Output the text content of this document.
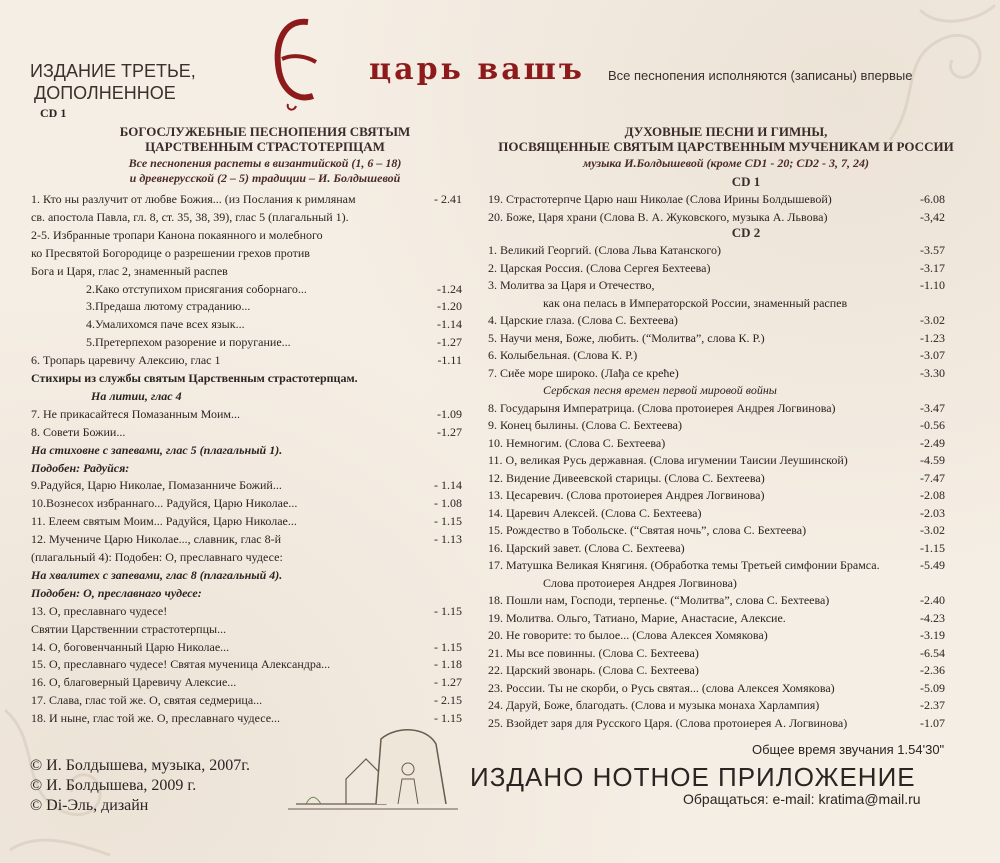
ИЗДАНИЕ ТРЕТЬЕ,
ДОПОЛНЕННОЕ
CD 1
царь вашъ Все песнопения исполняются (записаны) впервые
БОГОСЛУЖЕБНЫЕ ПЕСНОПЕНИЯ СВЯТЫМ
ЦАРСТВЕННЫМ СТРАСТОТЕРПЦАМ
Все песнопения распеты в византийской (1, 6 – 18)
и древнерусской (2 – 5) традиции – И. Болдышевой
1. Кто ны разлучит от любве Божия... (из Послания к римлянам	- 2.41
св. апостола Павла, гл. 8, ст. 35, 38, 39), глас 5 (плагальный 1).
2-5. Избранные тропари Канона покаянного и молебного
ко Пресвятой Богородице о разрешении грехов против
Бога и Царя, глас 2, знаменный распев
2.Како отступихом присягания соборнаго...	-1.24
3.Предаша лютому страданию...	-1.20
4.Умалихомся паче всех язык...	-1.14
5.Претерпехом разорение и поругание...	-1.27
6. Тропарь царевичу Алексию, глас 1	-1.11
Стихиры из службы святым Царственным страстотерпцам.
На литии, глас 4
7. Не прикасайтеся Помазанным Моим...	-1.09
8. Совети Божии...	-1.27
На стиховне с запевами, глас 5 (плагальный 1).
Подобен: Радуйся:
9.Радуйся, Царю Николае, Помазанниче Божий...	- 1.14
10.Вознесох избраннаго... Радуйся, Царю Николае...	- 1.08
11. Елеем святым Моим... Радуйся, Царю Николае...	- 1.15
12. Мучениче Царю Николае..., славник, глас 8-й	- 1.13
(плагальный 4): Подобен: О, преславнаго чудесе:
На хвалитех с запевами, глас 8 (плагальный 4).
Подобен: О, преславнаго чудесе:
13. О, преславнаго чудесе!	- 1.15
Святии Царственнии страстотерпцы...
14. О, боговенчанный Царю Николае...	- 1.15
15. О, преславнаго чудесе! Святая мученица Александра...	- 1.18
16. О, благоверный Царевичу Алексие...	- 1.27
17. Слава, глас той же. О, святая седмерица...	- 2.15
18. И ныне, глас той же. О, преславнаго чудесе...	- 1.15
ДУХОВНЫЕ ПЕСНИ И ГИМНЫ,
ПОСВЯЩЕННЫЕ СВЯТЫМ ЦАРСТВЕННЫМ МУЧЕНИКАМ И РОССИИ
музыка И.Болдышевой (кроме CD1 - 20; CD2 - 3, 7, 24)
CD 1
CD 2
19. Страстотерпче Царю наш Николае (Слова Ирины Болдышевой)	-6.08
20. Боже, Царя храни (Слова В. А. Жуковского, музыка А. Львова)	-3,42
1. Великий Георгий. (Слова Льва Катанского)	-3.57
2. Царская Россия. (Слова Сергея Бехтеева)	-3.17
3. Молитва за Царя и Отечество,	-1.10
как она пелась в Императорской России, знаменный распев
4. Царские глаза. (Слова С. Бехтеева)	-3.02
5. Научи меня, Боже, любить. (“Молитва”, слова К. Р.)	-1.23
6. Колыбельная. (Слова К. Р.)	-3.07
7. Сиěе море широко. (Лађа се крећe)	-3.30
Сербская песня времен первой мировой войны
8. Государыня Императрица. (Слова протоиерея Андрея Логвинова)	-3.47
9. Конец былины. (Слова С. Бехтеева)	-0.56
10. Немногим. (Слова С. Бехтеева)	-2.49
11. О, великая Русь державная. (Слова игумении Таисии Леушинской)	-4.59
12. Видение Дивеевской старицы. (Слова С. Бехтеева)	-7.47
13. Цесаревич. (Слова протоиерея Андрея Логвинова)	-2.08
14. Царевич Алексей. (Слова С. Бехтеева)	-2.03
15. Рождество в Тобольске. (“Святая ночь”, слова С. Бехтеева)	-3.02
16. Царский завет. (Слова С. Бехтеева)	-1.15
17. Матушка Великая Княгиня. (Обработка темы Третьей симфонии Брамса.	-5.49
Слова протоиерея Андрея Логвинова)
18. Пошли нам, Господи, терпенье. (“Молитва”, слова С. Бехтеева)	-2.40
19. Молитва. Ольго, Татиано, Марие, Анастасие, Алексие.	-4.23
20. Не говорите: то былое... (Слова Алексея Хомякова)	-3.19
21. Мы все повинны. (Слова С. Бехтеева)	-6.54
22. Царский звонарь. (Слова С. Бехтеева)	-2.36
23. России. Ты не скорби, о Русь святая... (слова Алексея Хомякова)	-5.09
24. Даруй, Боже, благодать. (Слова и музыка монаха Харлампия)	-2.37
25. Взойдет заря для Русского Царя. (Слова протоиерея А. Логвинова)	-1.07
© И. Болдышева, музыка, 2007г.
© И. Болдышева, 2009 г.
© Di-Эль, дизайн
Общее время звучания 1.54'30"
ИЗДАНО НОТНОЕ ПРИЛОЖЕНИЕ
Обращаться: e-mail: kratima@mail.ru
